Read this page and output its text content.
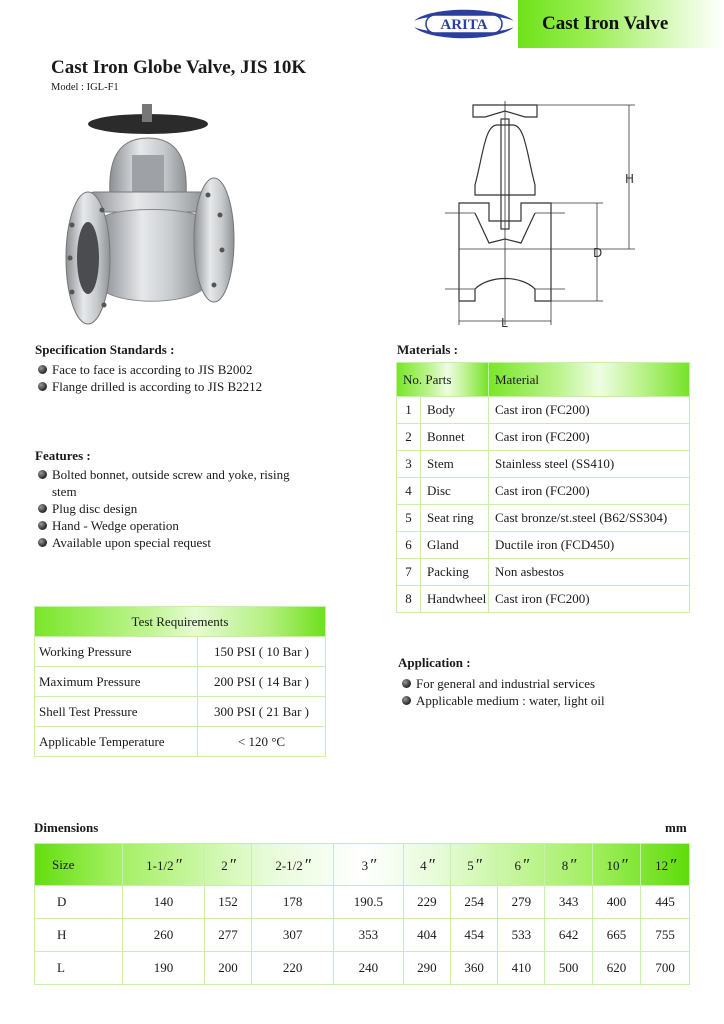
ARITA	Cast Iron Valve
Cast Iron Globe Valve, JIS 10K
Model : IGL-F1
H
D
L
Specification Standards :
Face to face is according to JIS B2002
Flange drilled is according to JIS B2212
Features :
Bolted bonnet, outside screw and yoke, rising stem
Plug disc design
Hand - Wedge operation
Available upon special request
Materials :
No. Parts		Material
1	Body	Cast iron (FC200)
2	Bonnet	Cast iron (FC200)
3	Stem	Stainless steel (SS410)
4	Disc	Cast iron (FC200)
5	Seat ring	Cast bronze/st.steel (B62/SS304)
6	Gland	Ductile iron (FCD450)
7	Packing	Non asbestos
8	Handwheel	Cast iron (FC200)
Test Requirements	
Working Pressure	150 PSI ( 10 Bar )
Maximum Pressure	200 PSI ( 14 Bar )
Shell Test Pressure	300 PSI ( 21 Bar )
Applicable Temperature	< 120 °C
Application :
For general and industrial services
Applicable medium : water, light oil
Dimensions	mm
Size	1-1/2″	2″	2-1/2″	3″	4″	5″	6″	8″	10″	12″
D	140	152	178	190.5	229	254	279	343	400	445
H	260	277	307	353	404	454	533	642	665	755
L	190	200	220	240	290	360	410	500	620	700
